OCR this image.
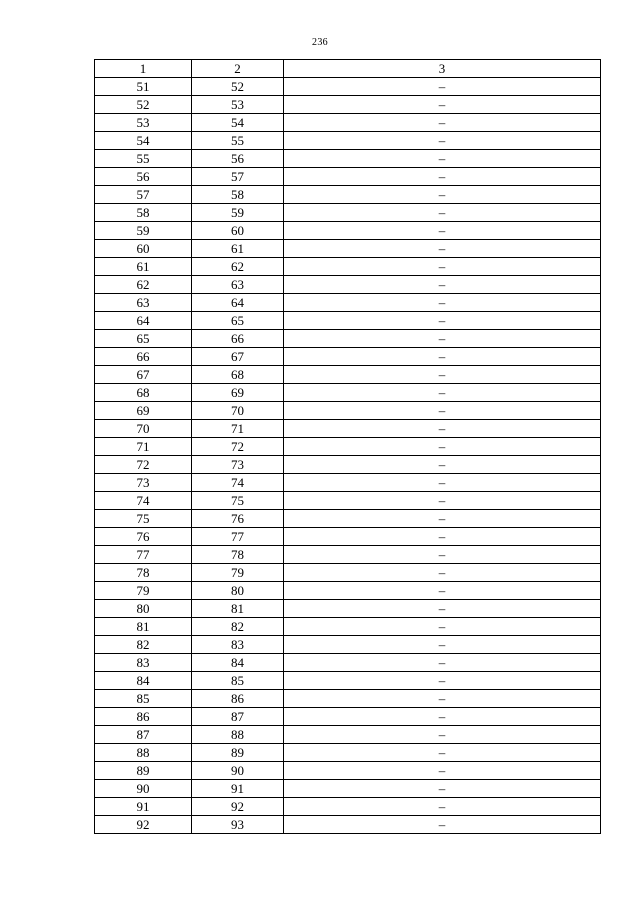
236
1	2	3
51	52	–
52	53	–
53	54	–
54	55	–
55	56	–
56	57	–
57	58	–
58	59	–
59	60	–
60	61	–
61	62	–
62	63	–
63	64	–
64	65	–
65	66	–
66	67	–
67	68	–
68	69	–
69	70	–
70	71	–
71	72	–
72	73	–
73	74	–
74	75	–
75	76	–
76	77	–
77	78	–
78	79	–
79	80	–
80	81	–
81	82	–
82	83	–
83	84	–
84	85	–
85	86	–
86	87	–
87	88	–
88	89	–
89	90	–
90	91	–
91	92	–
92	93	–
